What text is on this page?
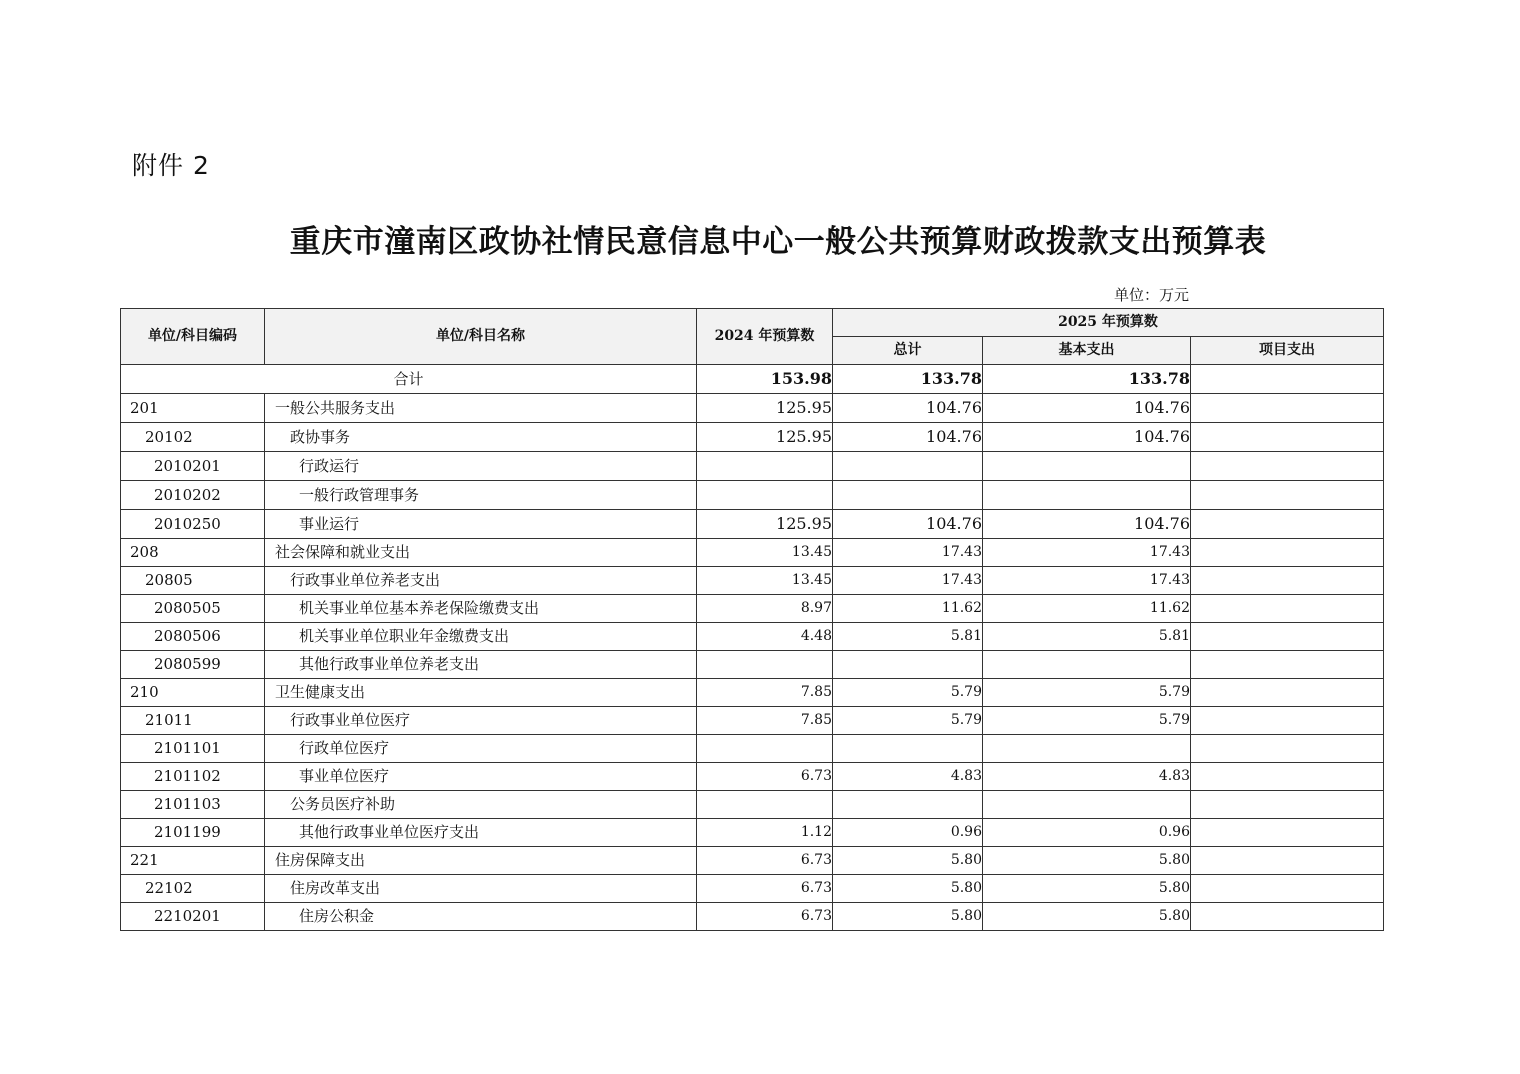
附件 2
重庆市潼南区政协社情民意信息中心一般公共预算财政拨款支出预算表
单位：万元
单位/科目编码	单位/科目名称	2024 年预算数	2025 年预算数		
			总计	基本支出	项目支出
合计		153.98	133.78	133.78	
201	一般公共服务支出	125.95	104.76	104.76	
20102	政协事务	125.95	104.76	104.76	
2010201	行政运行				
2010202	一般行政管理事务				
2010250	事业运行	125.95	104.76	104.76	
208	社会保障和就业支出	13.45	17.43	17.43	
20805	行政事业单位养老支出	13.45	17.43	17.43	
2080505	机关事业单位基本养老保险缴费支出	8.97	11.62	11.62	
2080506	机关事业单位职业年金缴费支出	4.48	5.81	5.81	
2080599	其他行政事业单位养老支出				
210	卫生健康支出	7.85	5.79	5.79	
21011	行政事业单位医疗	7.85	5.79	5.79	
2101101	行政单位医疗				
2101102	事业单位医疗	6.73	4.83	4.83	
2101103	公务员医疗补助				
2101199	其他行政事业单位医疗支出	1.12	0.96	0.96	
221	住房保障支出	6.73	5.80	5.80	
22102	住房改革支出	6.73	5.80	5.80	
2210201	住房公积金	6.73	5.80	5.80	
